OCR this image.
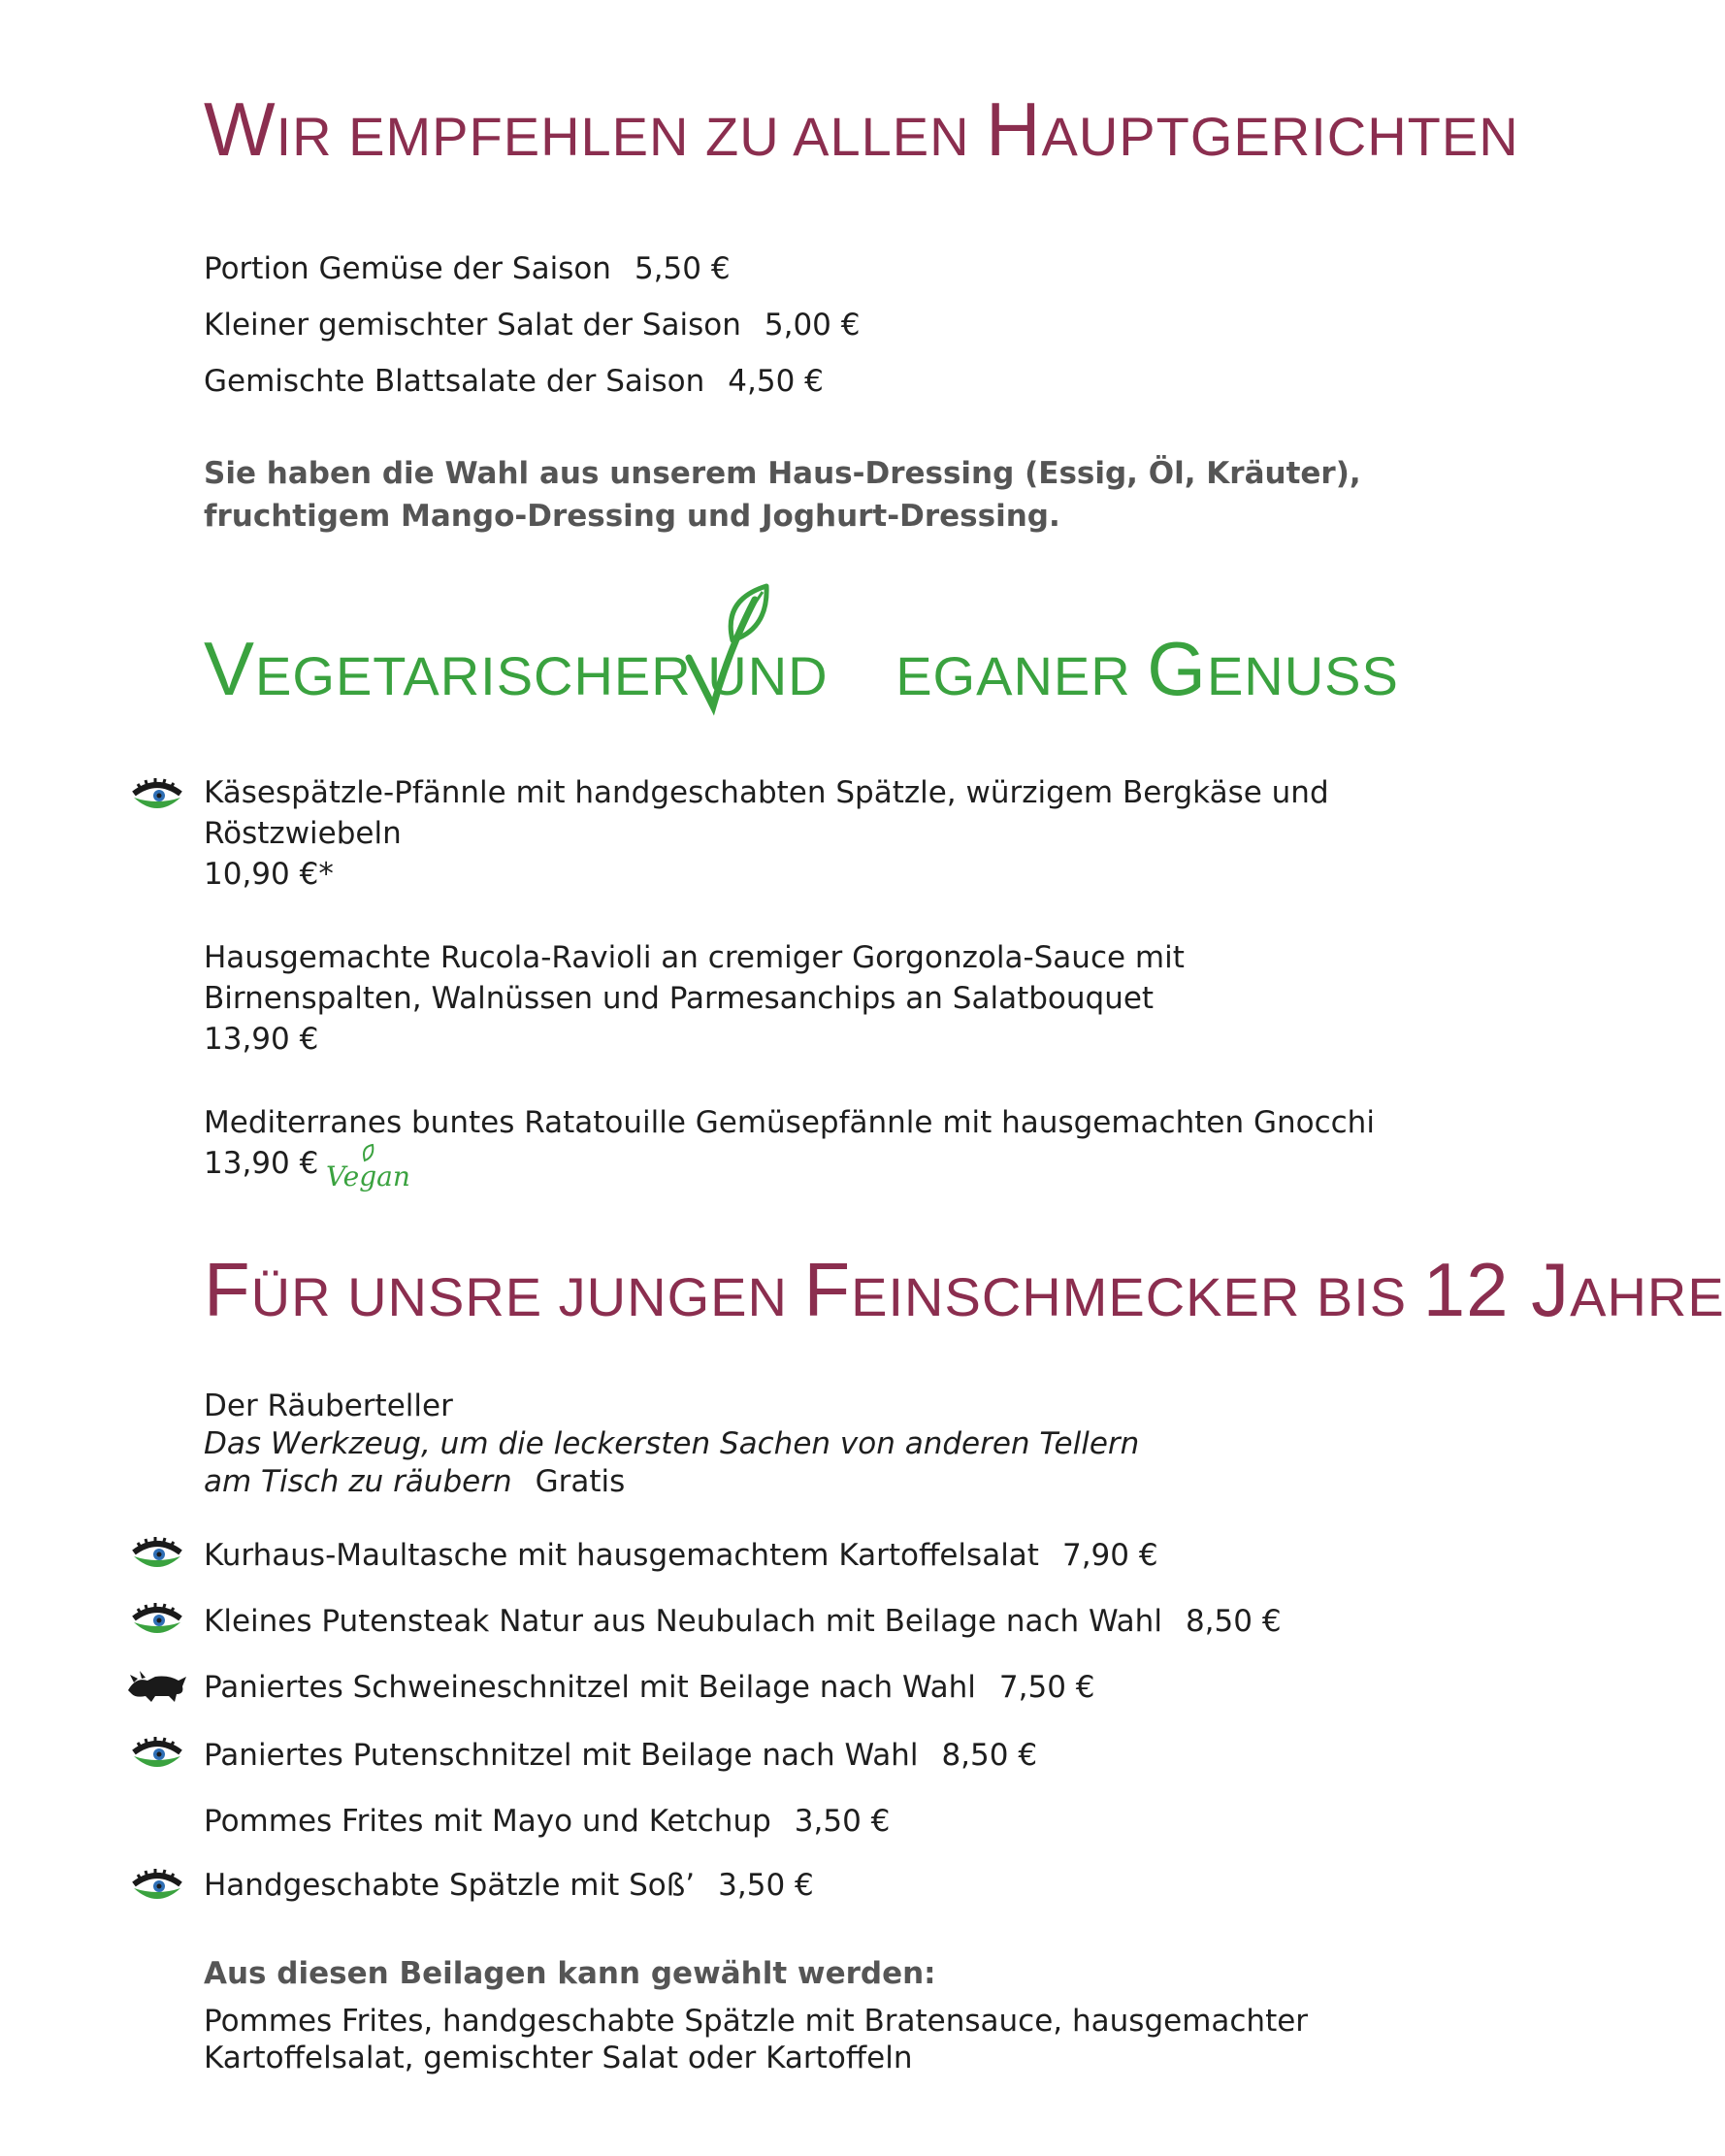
WIR EMPFEHLEN ZU ALLEN HAUPTGERICHTEN
Portion Gemüse der Saison 5,50 €
Kleiner gemischter Salat der Saison 5,00 €
Gemischte Blattsalate der Saison 4,50 €
Sie haben die Wahl aus unserem Haus-Dressing (Essig, Öl, Kräuter),
fruchtigem Mango-Dressing und Joghurt-Dressing.
VEGETARISCHER UND EGANER GENUSS
Käsespätzle-Pfännle mit handgeschabten Spätzle, würzigem Bergkäse und
Röstzwiebeln
10,90 €*
Hausgemachte Rucola-Ravioli an cremiger Gorgonzola-Sauce mit
Birnenspalten, Walnüssen und Parmesanchips an Salatbouquet
13,90 €
Mediterranes buntes Ratatouille Gemüsepfännle mit hausgemachten Gnocchi
13,90 € Vegan
FÜR UNSRE JUNGEN FEINSCHMECKER BIS 12 JAHRE
Der Räuberteller
Das Werkzeug, um die leckersten Sachen von anderen Tellern
am Tisch zu räubern Gratis
Kurhaus-Maultasche mit hausgemachtem Kartoffelsalat 7,90 €
Kleines Putensteak Natur aus Neubulach mit Beilage nach Wahl 8,50 €
Paniertes Schweineschnitzel mit Beilage nach Wahl 7,50 €
Paniertes Putenschnitzel mit Beilage nach Wahl 8,50 €
Pommes Frites mit Mayo und Ketchup 3,50 €
Handgeschabte Spätzle mit Soß’ 3,50 €
Aus diesen Beilagen kann gewählt werden:
Pommes Frites, handgeschabte Spätzle mit Bratensauce, hausgemachter
Kartoffelsalat, gemischter Salat oder Kartoffeln
